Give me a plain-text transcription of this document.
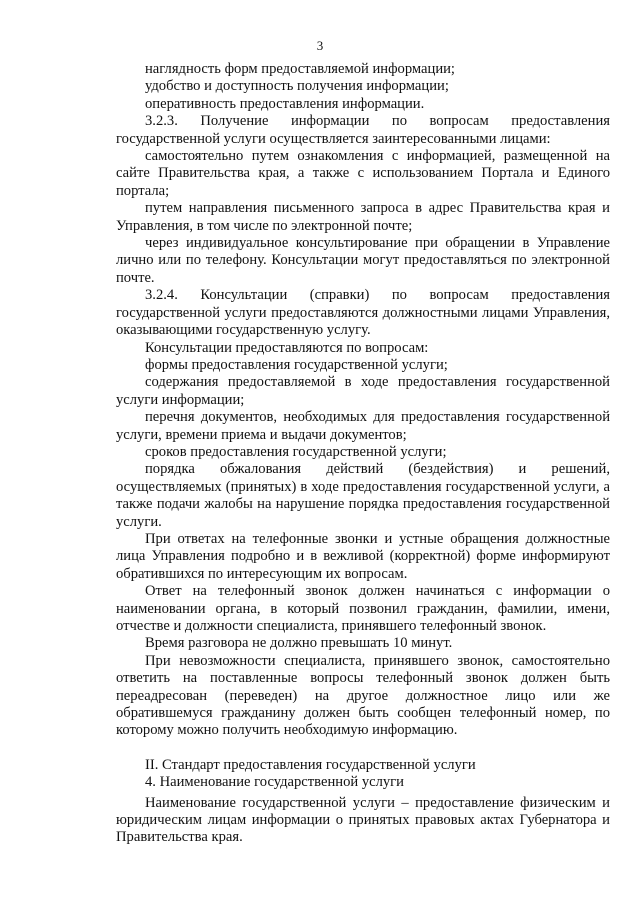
3

наглядность форм предоставляемой информации;

удобство и доступность получения информации;

оперативность предоставления информации.

3.2.3. Получение информации по вопросам предоставления государственной услуги осуществляется заинтересованными лицами:

самостоятельно путем ознакомления с информацией, размещенной на сайте Правительства края, а также с использованием Портала и Единого портала;

путем направления письменного запроса в адрес Правительства края и Управления, в том числе по электронной почте;

через индивидуальное консультирование при обращении в Управление лично или по телефону. Консультации могут предоставляться по электронной почте.

3.2.4. Консультации (справки) по вопросам предоставления государственной услуги предоставляются должностными лицами Управления, оказывающими государственную услугу.

Консультации предоставляются по вопросам:

формы предоставления государственной услуги;

содержания предоставляемой в ходе предоставления государственной услуги информации;

перечня документов, необходимых для предоставления государственной услуги, времени приема и выдачи документов;

сроков предоставления государственной услуги;

порядка обжалования действий (бездействия) и решений, осуществляемых (принятых) в ходе предоставления государственной услуги, а также подачи жалобы на нарушение порядка предоставления государственной услуги.

При ответах на телефонные звонки и устные обращения должностные лица Управления подробно и в вежливой (корректной) форме информируют обратившихся по интересующим их вопросам.

Ответ на телефонный звонок должен начинаться с информации о наименовании органа, в который позвонил гражданин, фамилии, имени, отчестве и должности специалиста, принявшего телефонный звонок.

Время разговора не должно превышать 10 минут.

При невозможности специалиста, принявшего звонок, самостоятельно ответить на поставленные вопросы телефонный звонок должен быть переадресован (переведен) на другое должностное лицо или же обратившемуся гражданину должен быть сообщен телефонный номер, по которому можно получить необходимую информацию.

II. Стандарт предоставления государственной услуги

4. Наименование государственной услуги

Наименование государственной услуги – предоставление физическим и юридическим лицам информации о принятых правовых актах Губернатора и Правительства края.
